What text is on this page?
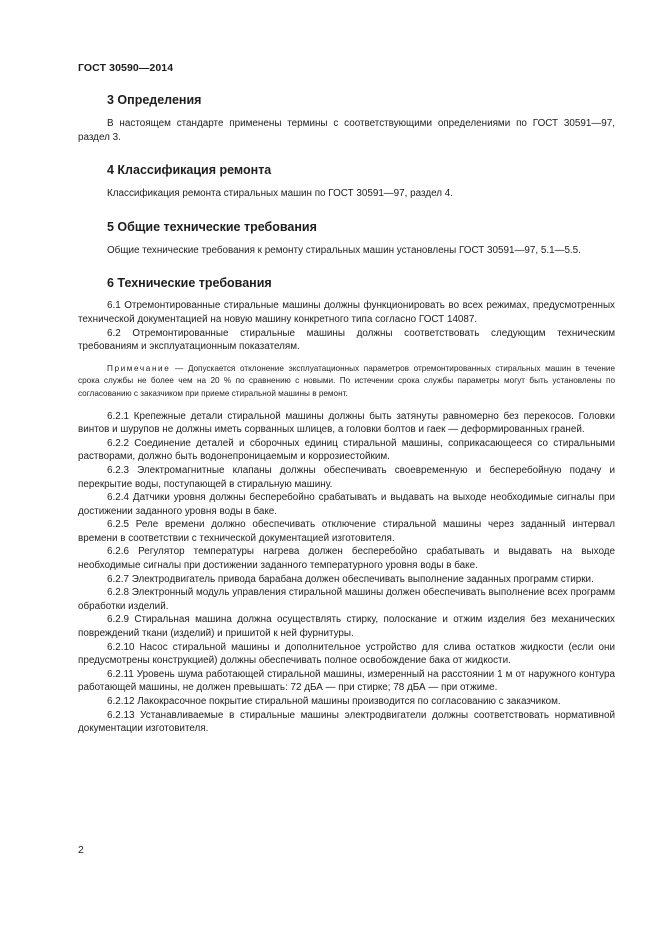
ГОСТ 30590—2014
3 Определения

В настоящем стандарте применены термины с соответствующими определениями по ГОСТ 30591—97, раздел 3.

4 Классификация ремонта

Классификация ремонта стиральных машин по ГОСТ 30591—97, раздел 4.

5 Общие технические требования

Общие технические требования к ремонту стиральных машин установлены ГОСТ 30591—97, 5.1—5.5.

6 Технические требования

6.1 Отремонтированные стиральные машины должны функционировать во всех режимах, предусмотренных технической документацией на новую машину конкретного типа согласно ГОСТ 14087.

6.2 Отремонтированные стиральные машины должны соответствовать следующим техническим требованиям и эксплуатационным показателям.

Примечание — Допускается отклонение эксплуатационных параметров отремонтированных стиральных машин в течение срока службы не более чем на 20 % по сравнению с новыми. По истечении срока службы параметры могут быть установлены по согласованию с заказчиком при приеме стиральной машины в ремонт.

6.2.1 Крепежные детали стиральной машины должны быть затянуты равномерно без перекосов. Головки винтов и шурупов не должны иметь сорванных шлицев, а головки болтов и гаек — деформированных граней.

6.2.2 Соединение деталей и сборочных единиц стиральной машины, соприкасающееся со стиральными растворами, должно быть водонепроницаемым и коррозиестойким.

6.2.3 Электромагнитные клапаны должны обеспечивать своевременную и бесперебойную подачу и перекрытие воды, поступающей в стиральную машину.

6.2.4 Датчики уровня должны бесперебойно срабатывать и выдавать на выходе необходимые сигналы при достижении заданного уровня воды в баке.

6.2.5 Реле времени должно обеспечивать отключение стиральной машины через заданный интервал времени в соответствии с технической документацией изготовителя.

6.2.6 Регулятор температуры нагрева должен бесперебойно срабатывать и выдавать на выходе необходимые сигналы при достижении заданного температурного уровня воды в баке.

6.2.7 Электродвигатель привода барабана должен обеспечивать выполнение заданных программ стирки.

6.2.8 Электронный модуль управления стиральной машины должен обеспечивать выполнение всех программ обработки изделий.

6.2.9 Стиральная машина должна осуществлять стирку, полоскание и отжим изделия без механических повреждений ткани (изделий) и пришитой к ней фурнитуры.

6.2.10 Насос стиральной машины и дополнительное устройство для слива остатков жидкости (если они предусмотрены конструкцией) должны обеспечивать полное освобождение бака от жидкости.

6.2.11 Уровень шума работающей стиральной машины, измеренный на расстоянии 1 м от наружного контура работающей машины, не должен превышать: 72 дБА — при стирке; 78 дБА — при отжиме.

6.2.12 Лакокрасочное покрытие стиральной машины производится по согласованию с заказчиком.

6.2.13 Устанавливаемые в стиральные машины электродвигатели должны соответствовать нормативной документации изготовителя.

2
